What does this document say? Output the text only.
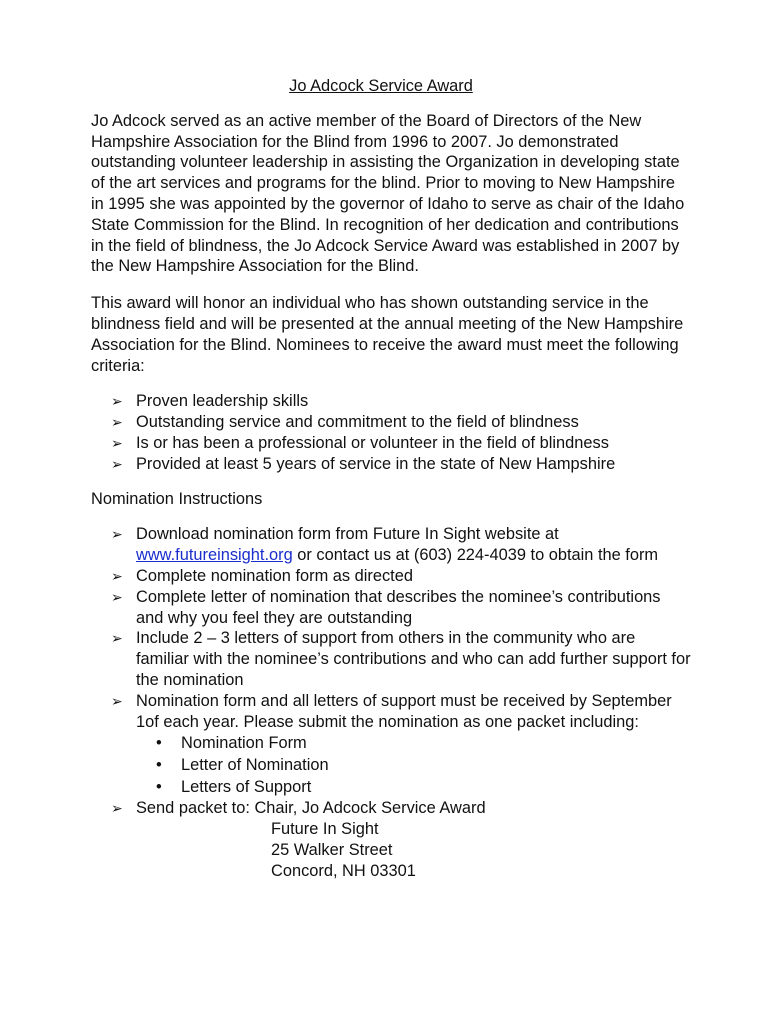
Jo Adcock Service Award

Jo Adcock served as an active member of the Board of Directors of the New Hampshire Association for the Blind from 1996 to 2007. Jo demonstrated outstanding volunteer leadership in assisting the Organization in developing state of the art services and programs for the blind. Prior to moving to New Hampshire in 1995 she was appointed by the governor of Idaho to serve as chair of the Idaho State Commission for the Blind. In recognition of her dedication and contributions in the field of blindness, the Jo Adcock Service Award was established in 2007 by the New Hampshire Association for the Blind.

This award will honor an individual who has shown outstanding service in the blindness field and will be presented at the annual meeting of the New Hampshire Association for the Blind. Nominees to receive the award must meet the following criteria:

➢ Proven leadership skills
➢ Outstanding service and commitment to the field of blindness
➢ Is or has been a professional or volunteer in the field of blindness
➢ Provided at least 5 years of service in the state of New Hampshire

Nomination Instructions

➢ Download nomination form from Future In Sight website at
www.futureinsight.org or contact us at (603) 224-4039 to obtain the form
➢ Complete nomination form as directed
➢ Complete letter of nomination that describes the nominee’s contributions and why you feel they are outstanding
➢ Include 2 – 3 letters of support from others in the community who are familiar with the nominee’s contributions and who can add further support for the nomination
➢ Nomination form and all letters of support must be received by September 1of each year. Please submit the nomination as one packet including:
• Nomination Form
• Letter of Nomination
• Letters of Support
➢ Send packet to: Chair, Jo Adcock Service Award
Future In Sight
25 Walker Street
Concord, NH 03301
